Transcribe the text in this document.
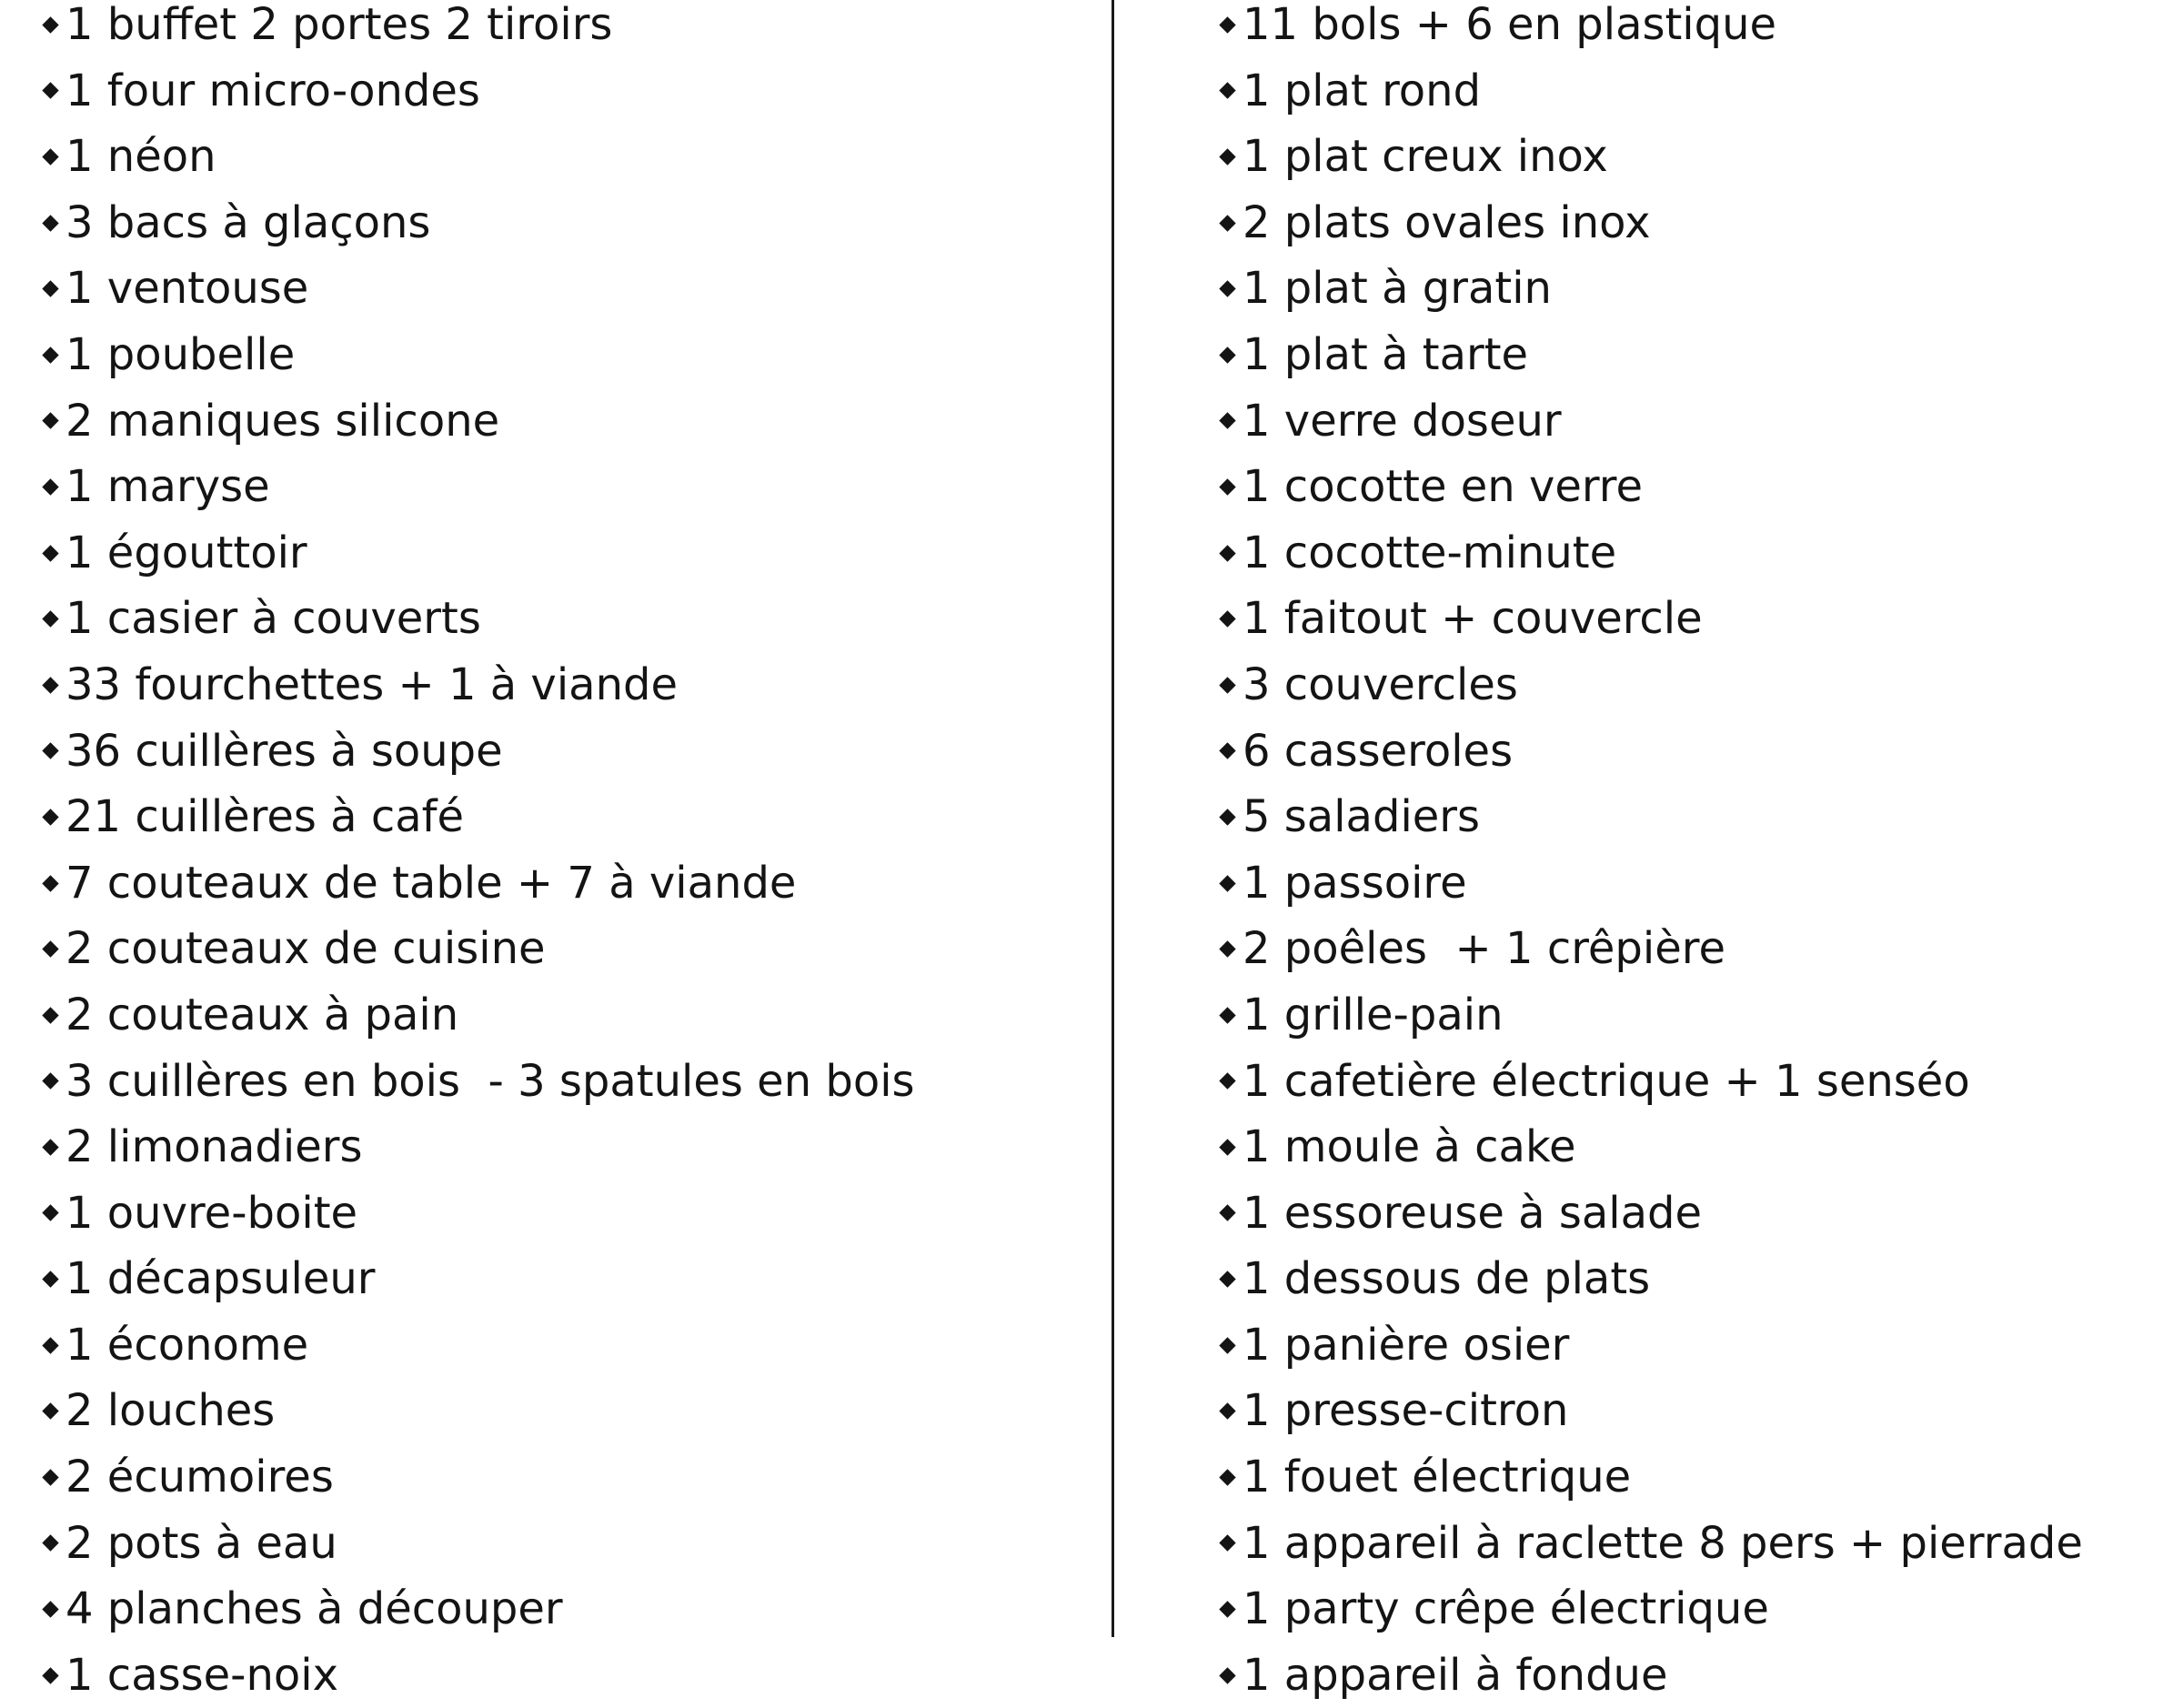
1 buffet 2 portes 2 tiroirs
1 four micro-ondes
1 néon
3 bacs à glaçons
1 ventouse
1 poubelle
2 maniques silicone
1 maryse
1 égouttoir
1 casier à couverts
33 fourchettes + 1 à viande
36 cuillères à soupe
21 cuillères à café
7 couteaux de table + 7 à viande
2 couteaux de cuisine
2 couteaux à pain
3 cuillères en bois  - 3 spatules en bois
2 limonadiers
1 ouvre-boite
1 décapsuleur
1 économe
2 louches
2 écumoires
2 pots à eau
4 planches à découper
1 casse-noix
11 bols + 6 en plastique
1 plat rond
1 plat creux inox
2 plats ovales inox
1 plat à gratin
1 plat à tarte
1 verre doseur
1 cocotte en verre
1 cocotte-minute
1 faitout + couvercle
3 couvercles
6 casseroles
5 saladiers
1 passoire
2 poêles  + 1 crêpière
1 grille-pain
1 cafetière électrique + 1 senséo
1 moule à cake
1 essoreuse à salade
1 dessous de plats
1 panière osier
1 presse-citron
1 fouet électrique
1 appareil à raclette 8 pers + pierrade
1 party crêpe électrique
1 appareil à fondue
